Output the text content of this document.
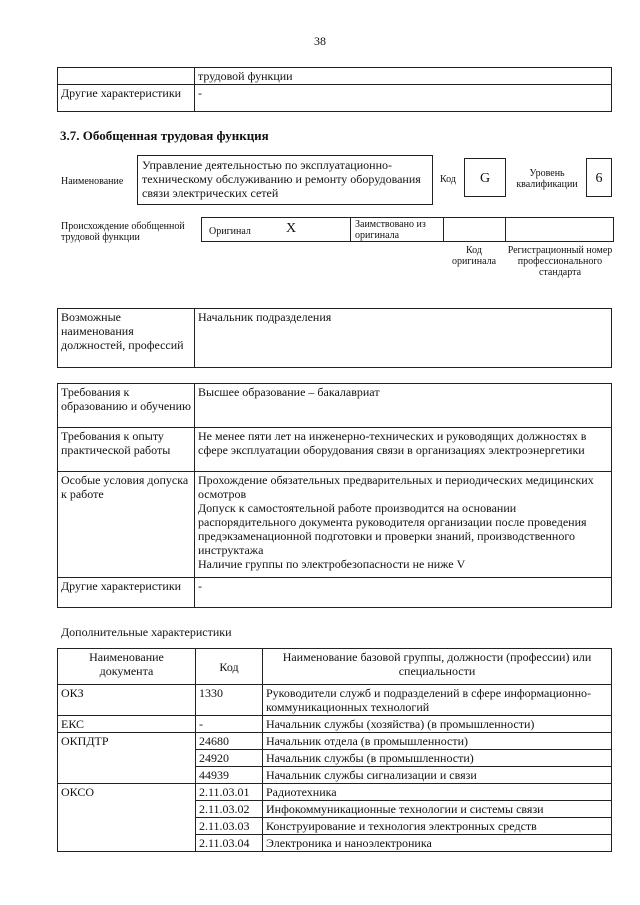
38
	трудовой функции
Другие характеристики	-
3.7. Обобщенная трудовая функция
Наименование
Управление деятельностью по эксплуатационно-техническому обслуживанию и ремонту оборудования связи электрических сетей
Код	G	Уровень квалификации	6
Происхождение обобщенной трудовой функции
Оригинал	X	Заимствовано из оригинала
Код оригинала
Регистрационный номер профессионального стандарта
Возможные наименования должностей, профессий	Начальник подразделения
Требования к образованию и обучению	Высшее образование – бакалавриат
Требования к опыту практической работы	Не менее пяти лет на инженерно-технических и руководящих должностях в сфере эксплуатации оборудования связи в организациях электроэнергетики
Особые условия допуска к работе	Прохождение обязательных предварительных и периодических медицинских осмотров
Допуск к самостоятельной работе производится на основании распорядительного документа руководителя организации после проведения предэкзаменационной подготовки и проверки знаний, производственного инструктажа
Наличие группы по электробезопасности не ниже V

Другие характеристики	-
Дополнительные характеристики
Наименование документа	Код	Наименование базовой группы, должности (профессии) или специальности
ОКЗ	1330	Руководители служб и подразделений в сфере информационно-коммуникационных технологий
ЕКС	-	Начальник службы (хозяйства) (в промышленности)
ОКПДТР	24680	Начальник отдела (в промышленности)
	24920	Начальник службы (в промышленности)
	44939	Начальник службы сигнализации и связи
ОКСО	2.11.03.01	Радиотехника
	2.11.03.02	Инфокоммуникационные технологии и системы связи
	2.11.03.03	Конструирование и технология электронных средств
	2.11.03.04	Электроника и наноэлектроника
